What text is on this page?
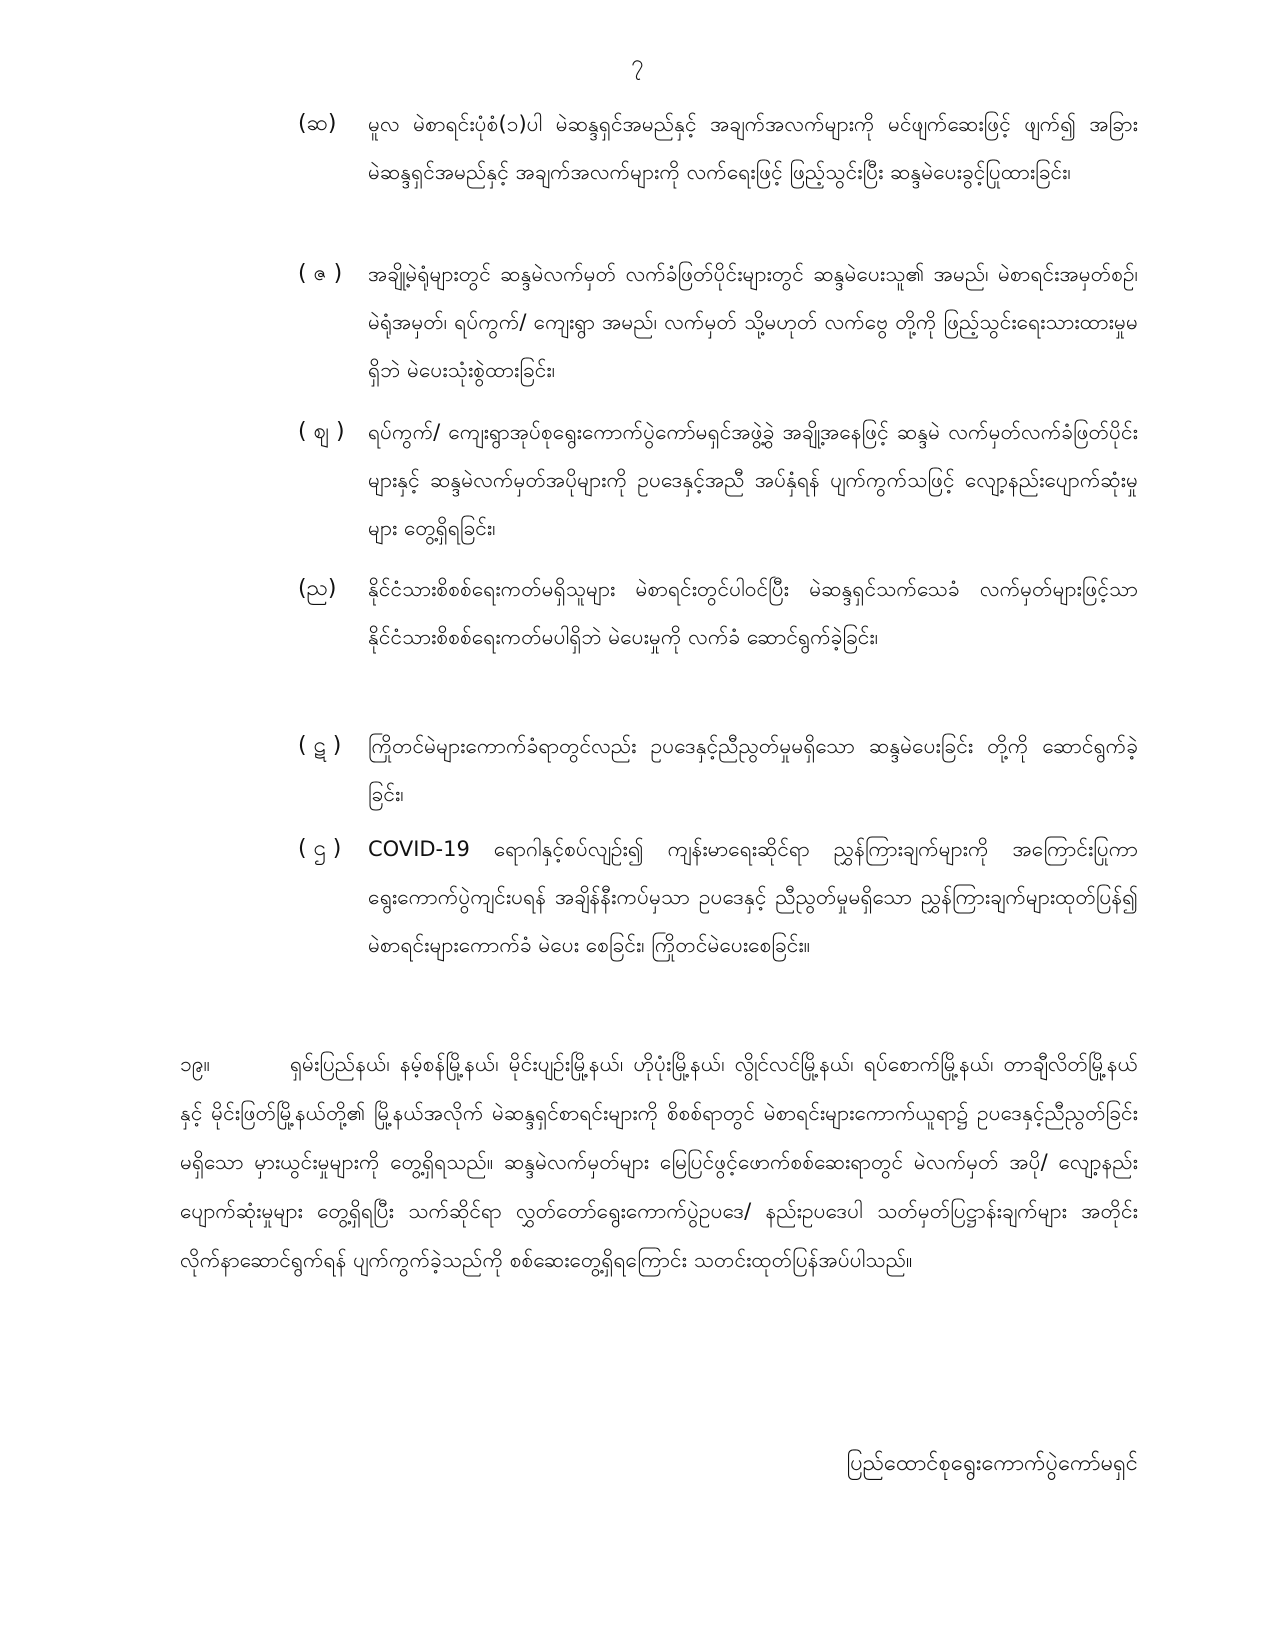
၇
(ဆ)	မူလ မဲစာရင်းပုံစံ(၁)ပါ မဲဆန္ဒရှင်အမည်နှင့် အချက်အလက်များကို မင်ဖျက်ဆေးဖြင့် ဖျက်၍ အခြားမဲဆန္ဒရှင်အမည်နှင့် အချက်အလက်များကို လက်ရေးဖြင့် ဖြည့်သွင်းပြီး ဆန္ဒမဲပေးခွင့်ပြုထားခြင်း၊
( ဇ )	အချို့မဲရုံများတွင် ဆန္ဒမဲလက်မှတ် လက်ခံဖြတ်ပိုင်းများတွင် ဆန္ဒမဲပေးသူ၏ အမည်၊ မဲစာရင်းအမှတ်စဉ်၊ မဲရုံအမှတ်၊ ရပ်ကွက်/ ကျေးရွာ အမည်၊ လက်မှတ် သို့မဟုတ် လက်ဗွေ တို့ကို ဖြည့်သွင်းရေးသားထားမှုမရှိဘဲ မဲပေးသုံးစွဲထားခြင်း၊
( ဈ )	ရပ်ကွက်/ ကျေးရွာအုပ်စုရွေးကောက်ပွဲကော်မရှင်အဖွဲ့ခွဲ အချို့အနေဖြင့် ဆန္ဒမဲ လက်မှတ်လက်ခံဖြတ်ပိုင်းများနှင့် ဆန္ဒမဲလက်မှတ်အပိုများကို ဥပဒေနှင့်အညီ အပ်နှံရန် ပျက်ကွက်သဖြင့် လျော့နည်းပျောက်ဆုံးမှုများ တွေ့ရှိရခြင်း၊
(ည)	နိုင်ငံသားစိစစ်ရေးကတ်မရှိသူများ မဲစာရင်းတွင်ပါဝင်ပြီး မဲဆန္ဒရှင်သက်သေခံ လက်မှတ်များဖြင့်သာ နိုင်ငံသားစိစစ်ရေးကတ်မပါရှိဘဲ မဲပေးမှုကို လက်ခံ ဆောင်ရွက်ခဲ့ခြင်း၊
( ဋ )	ကြိုတင်မဲများကောက်ခံရာတွင်လည်း ဥပဒေနှင့်ညီညွတ်မှုမရှိသော ဆန္ဒမဲပေးခြင်း တို့ကို ဆောင်ရွက်ခဲ့ခြင်း၊
( ဌ )	COVID-19 ရောဂါနှင့်စပ်လျဉ်း၍ ကျန်းမာရေးဆိုင်ရာ ညွှန်ကြားချက်များကို အကြောင်းပြုကာ ရွေးကောက်ပွဲကျင်းပရန် အချိန်နီးကပ်မှသာ ဥပဒေနှင့် ညီညွတ်မှုမရှိသော ညွှန်ကြားချက်များထုတ်ပြန်၍ မဲစာရင်းများကောက်ခံ မဲပေး စေခြင်း၊ ကြိုတင်မဲပေးစေခြင်း။
၁၉။	ရှမ်းပြည်နယ်၊ နမ့်စန်မြို့နယ်၊ မိုင်းပျဉ်းမြို့နယ်၊ ဟိုပုံးမြို့နယ်၊ လွိုင်လင်မြို့နယ်၊ ရပ်စောက်မြို့နယ်၊ တာချီလိတ်မြို့နယ်နှင့် မိုင်းဖြတ်မြို့နယ်တို့၏ မြို့နယ်အလိုက် မဲဆန္ဒရှင်စာရင်းများကို စိစစ်ရာတွင် မဲစာရင်းများကောက်ယူရာ၌ ဥပဒေနှင့်ညီညွတ်ခြင်းမရှိသော မှားယွင်းမှုများကို တွေ့ရှိရသည်။ ဆန္ဒမဲလက်မှတ်များ မြေပြင်ဖွင့်ဖောက်စစ်ဆေးရာတွင် မဲလက်မှတ် အပို/ လျော့နည်းပျောက်ဆုံးမှုများ တွေ့ရှိရပြီး သက်ဆိုင်ရာ လွှတ်တော်ရွေးကောက်ပွဲဥပဒေ/ နည်းဥပဒေပါ သတ်မှတ်ပြဋ္ဌာန်းချက်များ အတိုင်း လိုက်နာဆောင်ရွက်ရန် ပျက်ကွက်ခဲ့သည်ကို စစ်ဆေးတွေ့ရှိရကြောင်း သတင်းထုတ်ပြန်အပ်ပါသည်။
ပြည်ထောင်စုရွေးကောက်ပွဲကော်မရှင်
